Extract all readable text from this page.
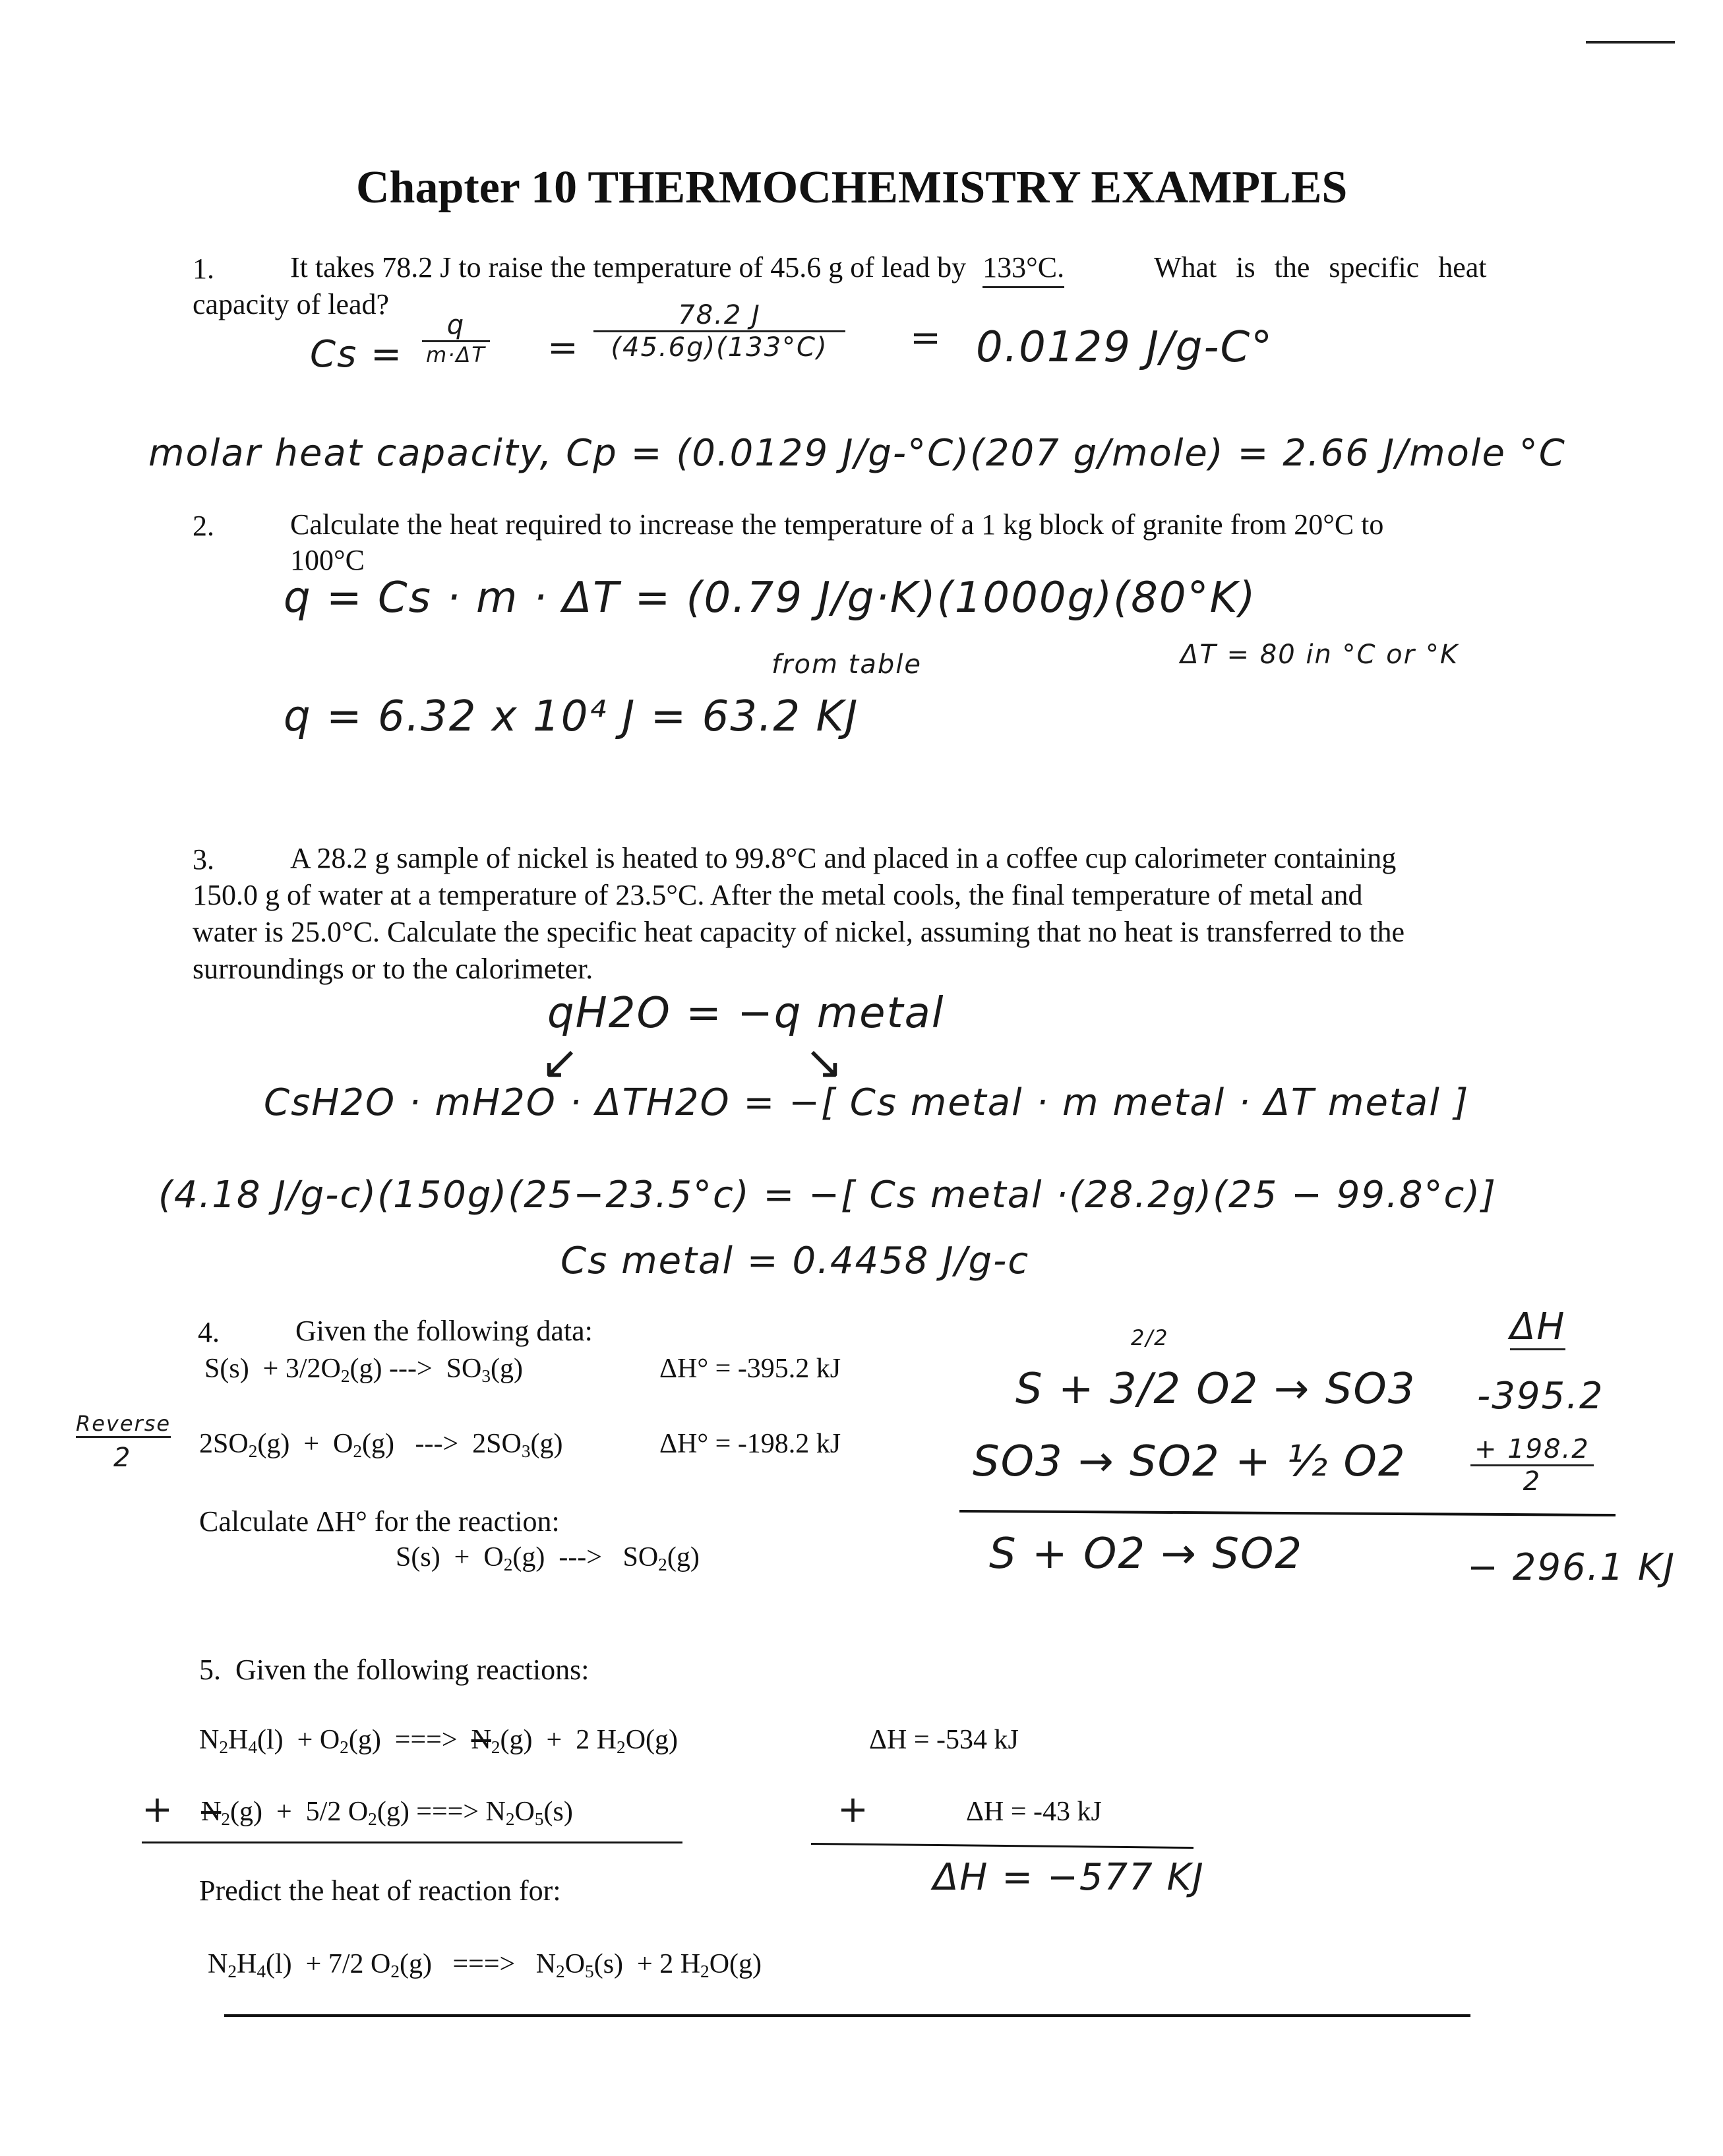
Chapter 10 THERMOCHEMISTRY EXAMPLES
1.	It takes 78.2 J to raise the temperature of 45.6 g of lead by 133°C.	What is the specific heat
capacity of lead?
$Cs = \frac{q}{m\cdot\Delta T} = \frac{78.2 J}{(45.6g)(133^\circ C)} = 0.0129$ J/g-C°
molar heat capacity, Cp = (0.0129 J/g-°C)(207 g/mole) = 2.66 J/mole °C
2.	Calculate the heat required to increase the temperature of a 1 kg block of granite from 20°C to
100°C
q = Cs · m · ΔT = (0.79 J/g·K)(1000g)(80°K)
from table	ΔT = 80 in °C or °K
q = 6.32 x 10⁴ J = 63.2 KJ
3.	A 28.2 g sample of nickel is heated to 99.8°C and placed in a coffee cup calorimeter containing
150.0 g of water at a temperature of 23.5°C. After the metal cools, the final temperature of metal and
water is 25.0°C. Calculate the specific heat capacity of nickel, assuming that no heat is transferred to the
surroundings or to the calorimeter.
qH2O = −q metal
↙	↘
CsH2O · mH2O · ΔTH2O = −[ Cs metal · m metal · ΔT metal ]
(4.18 J/g-c)(150g)(25−23.5°c) = −[ Cs metal ·(28.2g)(25 − 99.8°c)]
Cs metal = 0.4458 J/g-c
4.	Given the following data:
$S(s) + 3/2O_2(g)$ --->  $SO_3(g)$	ΔH° = -395.2 kJ
Reverse
2 $2SO_2(g) + O_2(g)$   --->  $2SO_3(g)$	ΔH° = -198.2 kJ
Calculate ΔH° for the reaction:
$S(s) + O_2(g)$  --->   $SO_2(g)$
ΔH
2/2
S + 3/2 O2 → SO3 -395.2
SO3 → SO2 + ½ $O2 \frac{+ 198.2}{2}$
S + O2 → SO2	− 296.1 KJ
5. Given the following reactions:
$N_2H_4(l) + O_2(g)$  ===>  $N_2(g) + 2$ $H_2O(g)$	ΔH = -534 kJ
+ $N_2(g) + 5/2$ $O_2(g)$ ===> $N_2O_5(s)$	+	ΔH = -43 kJ
ΔH = −577 KJ
Predict the heat of reaction for:
$N_2H_4(l) + 7/2$ $O_2(g)$   ===>   $N_2O_5(s) + 2$ $H_2O(g)$
